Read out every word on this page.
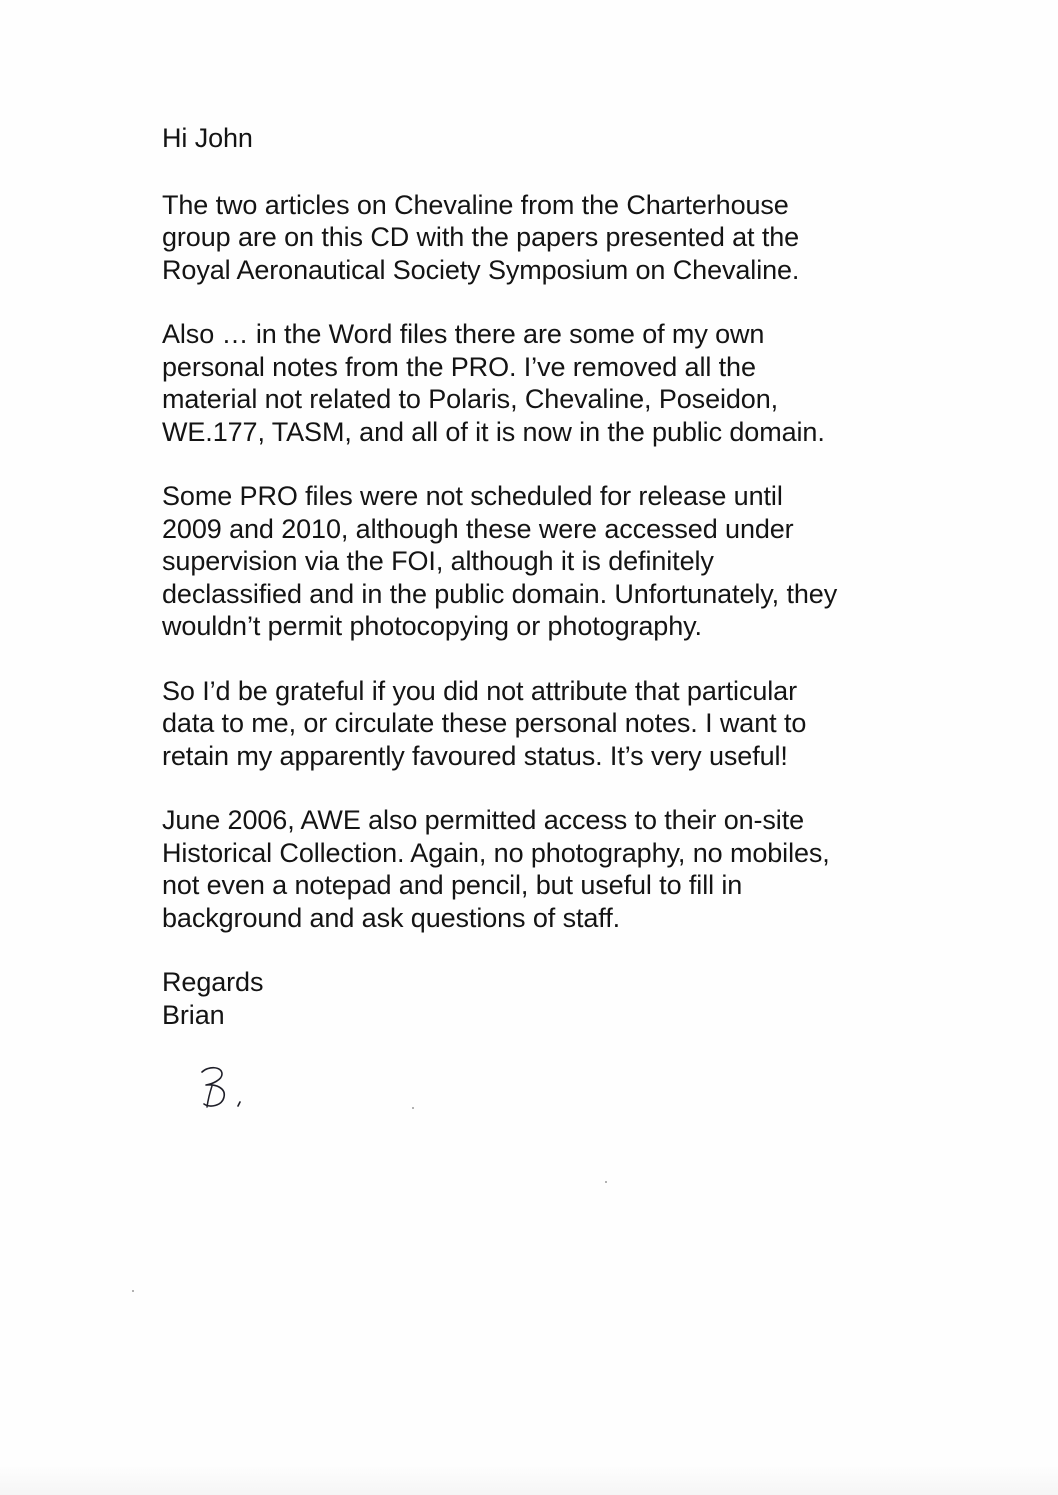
Hi John

The two articles on Chevaline from the Charterhouse
group are on this CD with the papers presented at the
Royal Aeronautical Society Symposium on Chevaline.
Also … in the Word files there are some of my own
personal notes from the PRO. I’ve removed all the
material not related to Polaris, Chevaline, Poseidon,
WE.177, TASM, and all of it is now in the public domain.
Some PRO files were not scheduled for release until
2009 and 2010, although these were accessed under
supervision via the FOI, although it is definitely
declassified and in the public domain. Unfortunately, they
wouldn’t permit photocopying or photography.
So I’d be grateful if you did not attribute that particular
data to me, or circulate these personal notes. I want to
retain my apparently favoured status. It’s very useful!
June 2006, AWE also permitted access to their on-site
Historical Collection. Again, no photography, no mobiles,
not even a notepad and pencil, but useful to fill in
background and ask questions of staff.
Regards
Brian
